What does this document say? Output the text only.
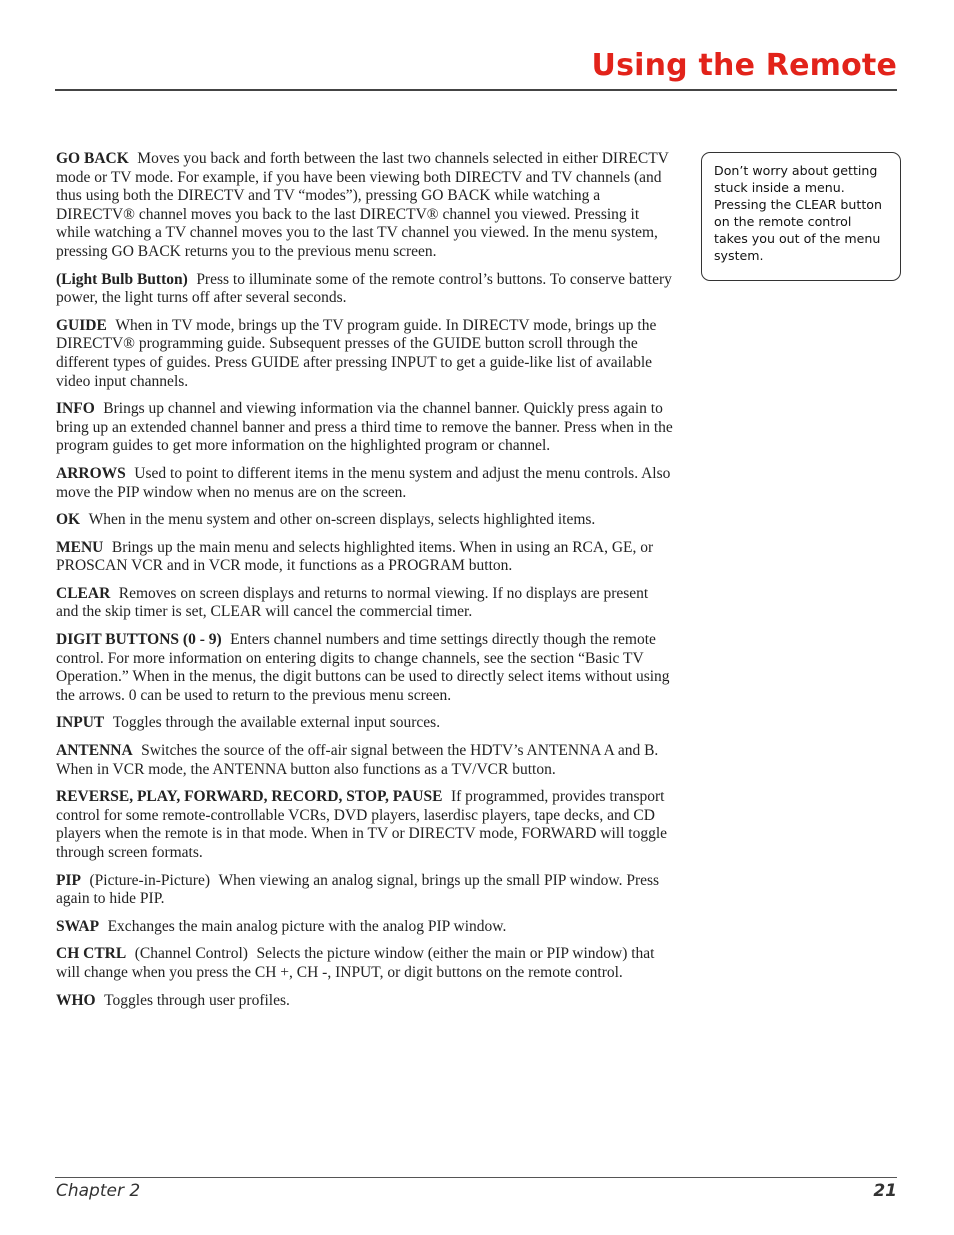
Using the Remote

GO BACK Moves you back and forth between the last two channels selected in either DIRECTV mode or TV mode. For example, if you have been viewing both DIRECTV and TV channels (and thus using both the DIRECTV and TV “modes”), pressing GO BACK while watching a DIRECTV® channel moves you back to the last DIRECTV® channel you viewed. Pressing it while watching a TV channel moves you to the last TV channel you viewed. In the menu system, pressing GO BACK returns you to the previous menu screen.

(Light Bulb Button) Press to illuminate some of the remote control’s buttons. To conserve battery power, the light turns off after several seconds.

GUIDE When in TV mode, brings up the TV program guide. In DIRECTV mode, brings up the DIRECTV® programming guide. Subsequent presses of the GUIDE button scroll through the different types of guides. Press GUIDE after pressing INPUT to get a guide-like list of available video input channels.

INFO Brings up channel and viewing information via the channel banner. Quickly press again to bring up an extended channel banner and press a third time to remove the banner. Press when in the program guides to get more information on the highlighted program or channel.

ARROWS Used to point to different items in the menu system and adjust the menu controls. Also move the PIP window when no menus are on the screen.

OK When in the menu system and other on-screen displays, selects highlighted items.

MENU Brings up the main menu and selects highlighted items. When in using an RCA, GE, or PROSCAN VCR and in VCR mode, it functions as a PROGRAM button.

CLEAR Removes on screen displays and returns to normal viewing. If no displays are present and the skip timer is set, CLEAR will cancel the commercial timer.

DIGIT BUTTONS (0 - 9) Enters channel numbers and time settings directly though the remote control. For more information on entering digits to change channels, see the section “Basic TV Operation.” When in the menus, the digit buttons can be used to directly select items without using the arrows. 0 can be used to return to the previous menu screen.

INPUT Toggles through the available external input sources.

ANTENNA Switches the source of the off-air signal between the HDTV’s ANTENNA A and B. When in VCR mode, the ANTENNA button also functions as a TV/VCR button.

REVERSE, PLAY, FORWARD, RECORD, STOP, PAUSE If programmed, provides transport control for some remote-controllable VCRs, DVD players, laserdisc players, tape decks, and CD players when the remote is in that mode. When in TV or DIRECTV mode, FORWARD will toggle through screen formats.

PIP (Picture-in-Picture) When viewing an analog signal, brings up the small PIP window. Press again to hide PIP.

SWAP Exchanges the main analog picture with the analog PIP window.

CH CTRL (Channel Control) Selects the picture window (either the main or PIP window) that will change when you press the CH +, CH -, INPUT, or digit buttons on the remote control.

WHO Toggles through user profiles.

Don’t worry about getting stuck inside a menu. Pressing the CLEAR button on the remote control takes you out of the menu system.
Chapter 2	21
